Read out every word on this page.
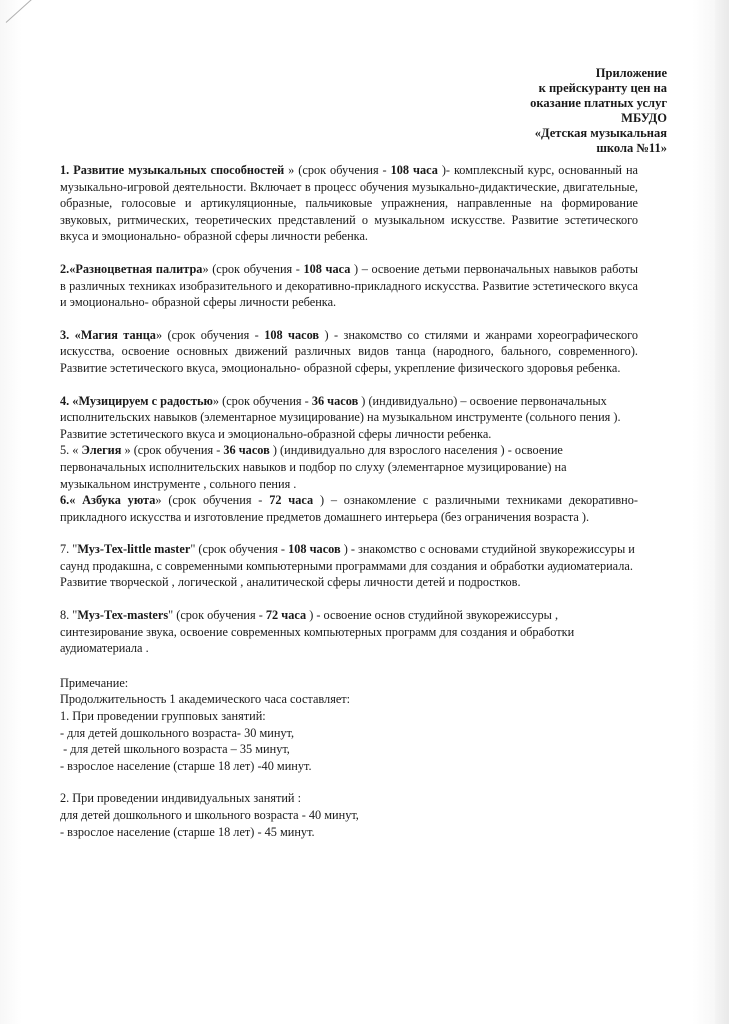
Приложение
к прейскуранту цен на
оказание платных услуг
МБУДО
«Детская музыкальная
школа №11»

1. Развитие музыкальных способностей » (срок обучения - 108 часа )- комплексный курс, основанный на музыкально-игровой деятельности. Включает в процесс обучения музыкально-дидактические, двигательные, образные, голосовые и артикуляционные, пальчиковые упражнения, направленные на формирование звуковых, ритмических, теоретических представлений о музыкальном искусстве. Развитие эстетического вкуса и эмоционально- образной сферы личности ребенка.

2.«Разноцветная палитра» (срок обучения - 108 часа ) – освоение детьми первоначальных навыков работы в различных техниках изобразительного и декоративно-прикладного искусства. Развитие эстетического вкуса и эмоционально- образной сферы личности ребенка.

3. «Магия танца» (срок обучения - 108 часов ) - знакомство со стилями и жанрами хореографического искусства, освоение основных движений различных видов танца (народного, бального, современного). Развитие эстетического вкуса, эмоционально- образной сферы, укрепление физического здоровья ребенка.

4. «Музицируем с радостью» (срок обучения - 36 часов ) (индивидуально) – освоение первоначальных исполнительских навыков (элементарное музицирование) на музыкальном инструменте (сольного пения ). Развитие эстетического вкуса и эмоционально-образной сферы личности ребенка.

5. « Элегия » (срок обучения - 36 часов ) (индивидуально для взрослого населения ) - освоение первоначальных исполнительских навыков и подбор по слуху (элементарное музицирование) на музыкальном инструменте , сольного пения .

6.« Азбука уюта» (срок обучения - 72 часа ) – ознакомление с различными техниками декоративно-прикладного искусства и изготовление предметов домашнего интерьера (без ограничения возраста ).

7. "Муз-Тех-little master" (срок обучения - 108 часов ) - знакомство с основами студийной звукорежиссуры и саунд продакшна, с современными компьютерными программами для создания и обработки аудиоматериала. Развитие творческой , логической , аналитической сферы личности детей и подростков.

8. "Муз-Тех-masters" (срок обучения - 72 часа ) - освоение основ студийной звукорежиссуры , синтезирование звука, освоение современных компьютерных программ для создания и обработки аудиоматериала .

Примечание:
Продолжительность 1 академического часа составляет:
1. При проведении групповых занятий:
- для детей дошкольного возраста- 30 минут,
- для детей школьного возраста – 35 минут,
- взрослое население (старше 18 лет) -40 минут.
2. При проведении индивидуальных занятий :
для детей дошкольного и школьного возраста - 40 минут,
- взрослое население (старше 18 лет) - 45 минут.
